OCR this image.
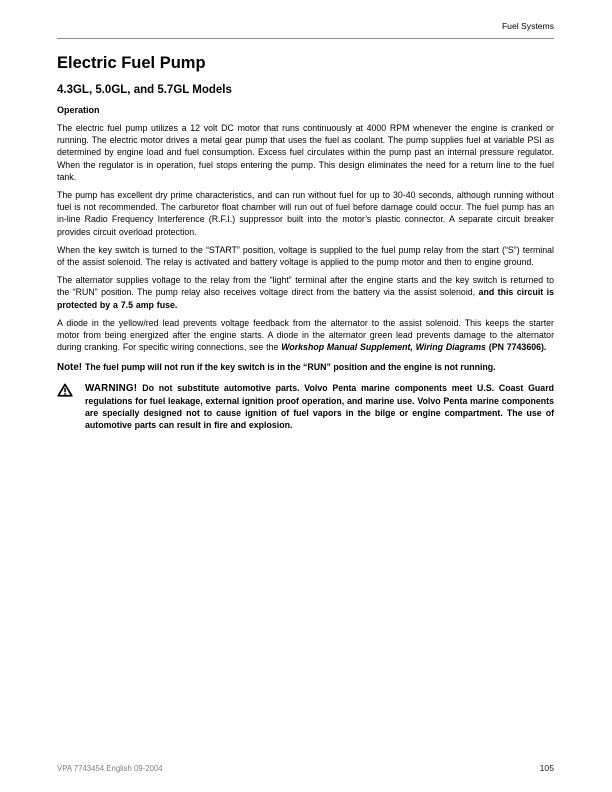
Fuel Systems
Electric Fuel Pump
4.3GL, 5.0GL, and 5.7GL Models
Operation

The electric fuel pump utilizes a 12 volt DC motor that runs continuously at 4000 RPM whenever the engine is cranked or running. The electric motor drives a metal gear pump that uses the fuel as coolant. The pump supplies fuel at variable PSI as determined by engine load and fuel consumption. Excess fuel circulates within the pump past an internal pressure regulator. When the regulator is in operation, fuel stops entering the pump. This design eliminates the need for a return line to the fuel tank.

The pump has excellent dry prime characteristics, and can run without fuel for up to 30-40 seconds, although running without fuel is not recommended. The carburetor float chamber will run out of fuel before damage could occur. The fuel pump has an in-line Radio Frequency Interference (R.F.I.) suppressor built into the motor’s plastic connector. A separate circuit breaker provides circuit overload protection.

When the key switch is turned to the “START” position, voltage is supplied to the fuel pump relay from the start (“S”) terminal of the assist solenoid. The relay is activated and battery voltage is applied to the pump motor and then to engine ground.

The alternator supplies voltage to the relay from the “light” terminal after the engine starts and the key switch is returned to the “RUN” position. The pump relay also receives voltage direct from the battery via the assist solenoid, and this circuit is protected by a 7.5 amp fuse.

A diode in the yellow/red lead prevents voltage feedback from the alternator to the assist solenoid. This keeps the starter motor from being energized after the engine starts. A diode in the alternator green lead prevents damage to the alternator during cranking. For specific wiring connections, see the Workshop Manual Supplement, Wiring Diagrams (PN 7743606).

Note! The fuel pump will not run if the key switch is in the “RUN” position and the engine is not running.

WARNING! Do not substitute automotive parts. Volvo Penta marine components meet U.S. Coast Guard regulations for fuel leakage, external ignition proof operation, and marine use. Volvo Penta marine components are specially designed not to cause ignition of fuel vapors in the bilge or engine compartment. The use of automotive parts can result in fire and explosion.
VPA 7743454 English 09-2004	105
